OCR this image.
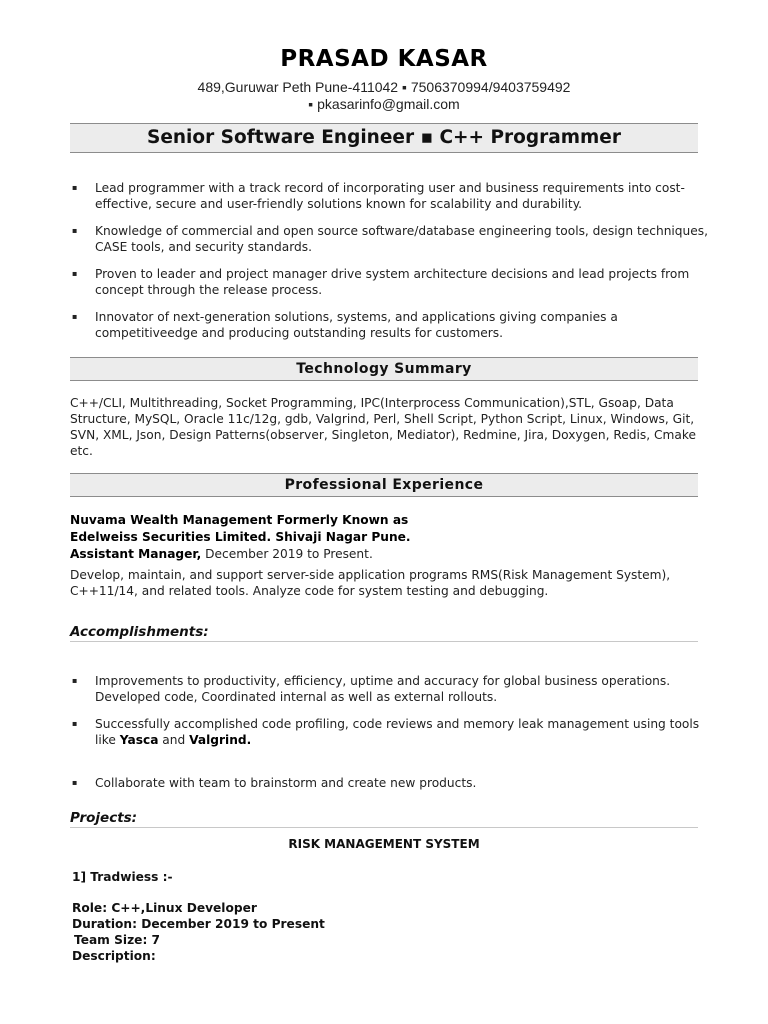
PRASAD KASAR
489,Guruwar Peth Pune-411042 ▪ 7506370994/9403759492
▪ pkasarinfo@gmail.com
Senior Software Engineer ▪ C++ Programmer
▪ Lead programmer with a track record of incorporating user and business requirements into cost-effective, secure and user-friendly solutions known for scalability and durability.
▪ Knowledge of commercial and open source software/database engineering tools, design techniques, CASE tools, and security standards.
▪ Proven to leader and project manager drive system architecture decisions and lead projects from concept through the release process.
▪ Innovator of next-generation solutions, systems, and applications giving companies a competitiveedge and producing outstanding results for customers.
Technology Summary

C++/CLI, Multithreading, Socket Programming, IPC(Interprocess Communication),STL, Gsoap, Data Structure, MySQL, Oracle 11c/12g, gdb, Valgrind, Perl, Shell Script, Python Script, Linux, Windows, Git, SVN, XML, Json, Design Patterns(observer, Singleton, Mediator), Redmine, Jira, Doxygen, Redis, Cmake etc.

Professional Experience

Nuvama Wealth Management Formerly Known as

Edelweiss Securities Limited. Shivaji Nagar Pune.

Assistant Manager, December 2019 to Present.

Develop, maintain, and support server-side application programs RMS(Risk Management System), C++11/14, and related tools. Analyze code for system testing and debugging.

Accomplishments:
▪ Improvements to productivity, efficiency, uptime and accuracy for global business operations. Developed code, Coordinated internal as well as external rollouts.
▪ Successfully accomplished code profiling, code reviews and memory leak management using tools like Yasca and Valgrind.
▪ Collaborate with team to brainstorm and create new products.
Projects:
RISK MANAGEMENT SYSTEM
1] Tradwiess :-
Role: C++,Linux Developer
Duration: December 2019 to Present
Team Size: 7
Description:
